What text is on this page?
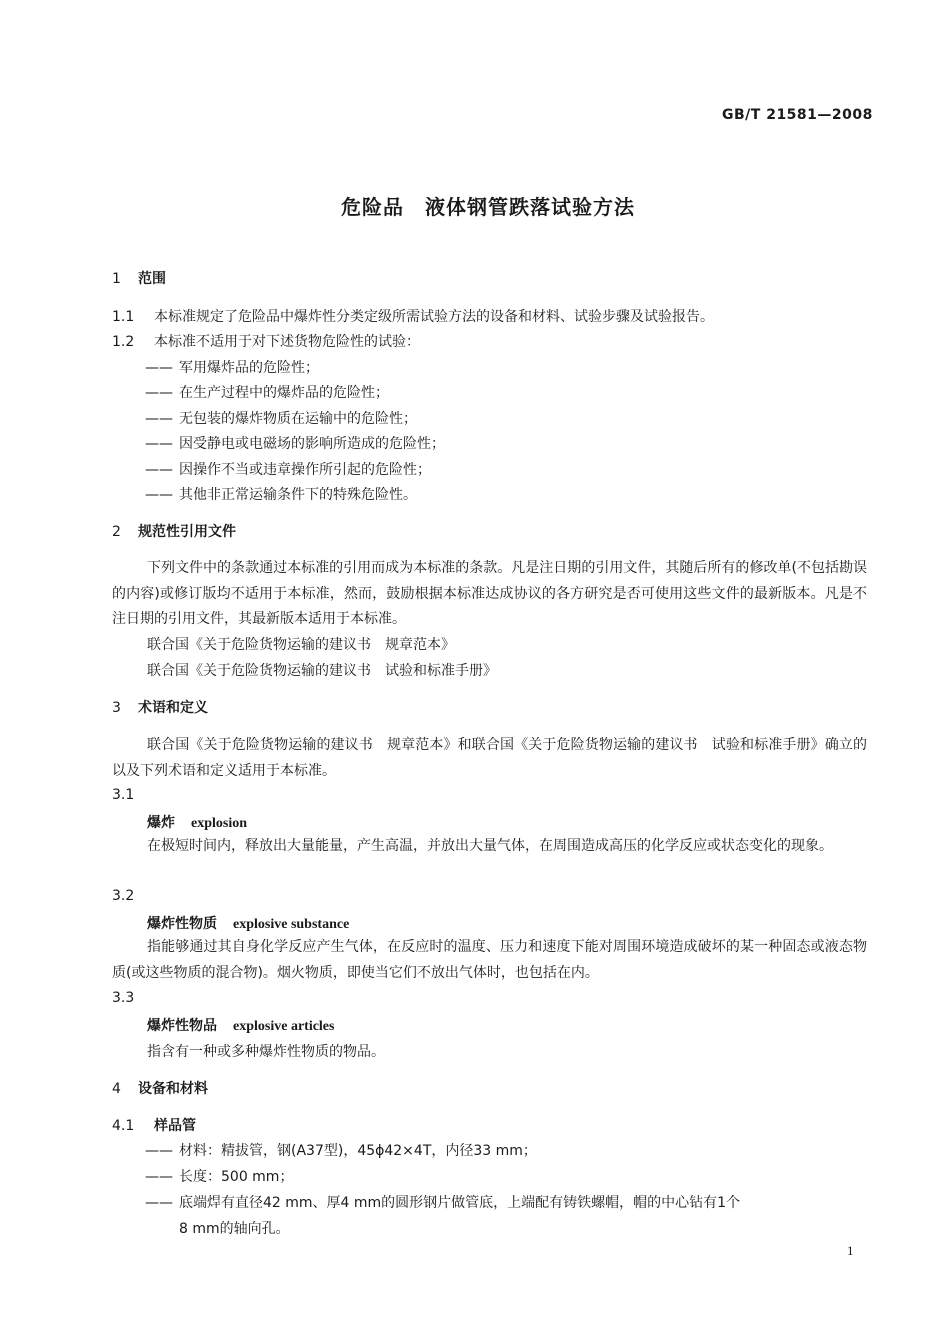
GB/T 21581—2008
危险品　液体钢管跌落试验方法
1 范围
1.1 本标准规定了危险品中爆炸性分类定级所需试验方法的设备和材料、试验步骤及试验报告。
1.2 本标准不适用于对下述货物危险性的试验：
—— 军用爆炸品的危险性；
—— 在生产过程中的爆炸品的危险性；
—— 无包装的爆炸物质在运输中的危险性；
—— 因受静电或电磁场的影响所造成的危险性；
—— 因操作不当或违章操作所引起的危险性；
—— 其他非正常运输条件下的特殊危险性。
2 规范性引用文件
下列文件中的条款通过本标准的引用而成为本标准的条款。凡是注日期的引用文件，其随后所有的修改单(不包括勘误的内容)或修订版均不适用于本标准，然而，鼓励根据本标准达成协议的各方研究是否可使用这些文件的最新版本。凡是不注日期的引用文件，其最新版本适用于本标准。
联合国《关于危险货物运输的建议书　规章范本》
联合国《关于危险货物运输的建议书　试验和标准手册》
3 术语和定义
联合国《关于危险货物运输的建议书　规章范本》和联合国《关于危险货物运输的建议书　试验和标准手册》确立的以及下列术语和定义适用于本标准。
3.1
爆炸 explosion
在极短时间内，释放出大量能量，产生高温，并放出大量气体，在周围造成高压的化学反应或状态变化的现象。
3.2
爆炸性物质 explosive substance
指能够通过其自身化学反应产生气体，在反应时的温度、压力和速度下能对周围环境造成破坏的某一种固态或液态物质(或这些物质的混合物)。烟火物质，即使当它们不放出气体时，也包括在内。
3.3
爆炸性物品 explosive articles
指含有一种或多种爆炸性物质的物品。
4 设备和材料
4.1 样品管
—— 材料：精拔管，钢(A37型)，45ϕ42×4T，内径33 mm；
—— 长度：500 mm；
—— 底端焊有直径42 mm、厚4 mm的圆形钢片做管底，上端配有铸铁螺帽，帽的中心钻有1个
8 mm的轴向孔。
1
